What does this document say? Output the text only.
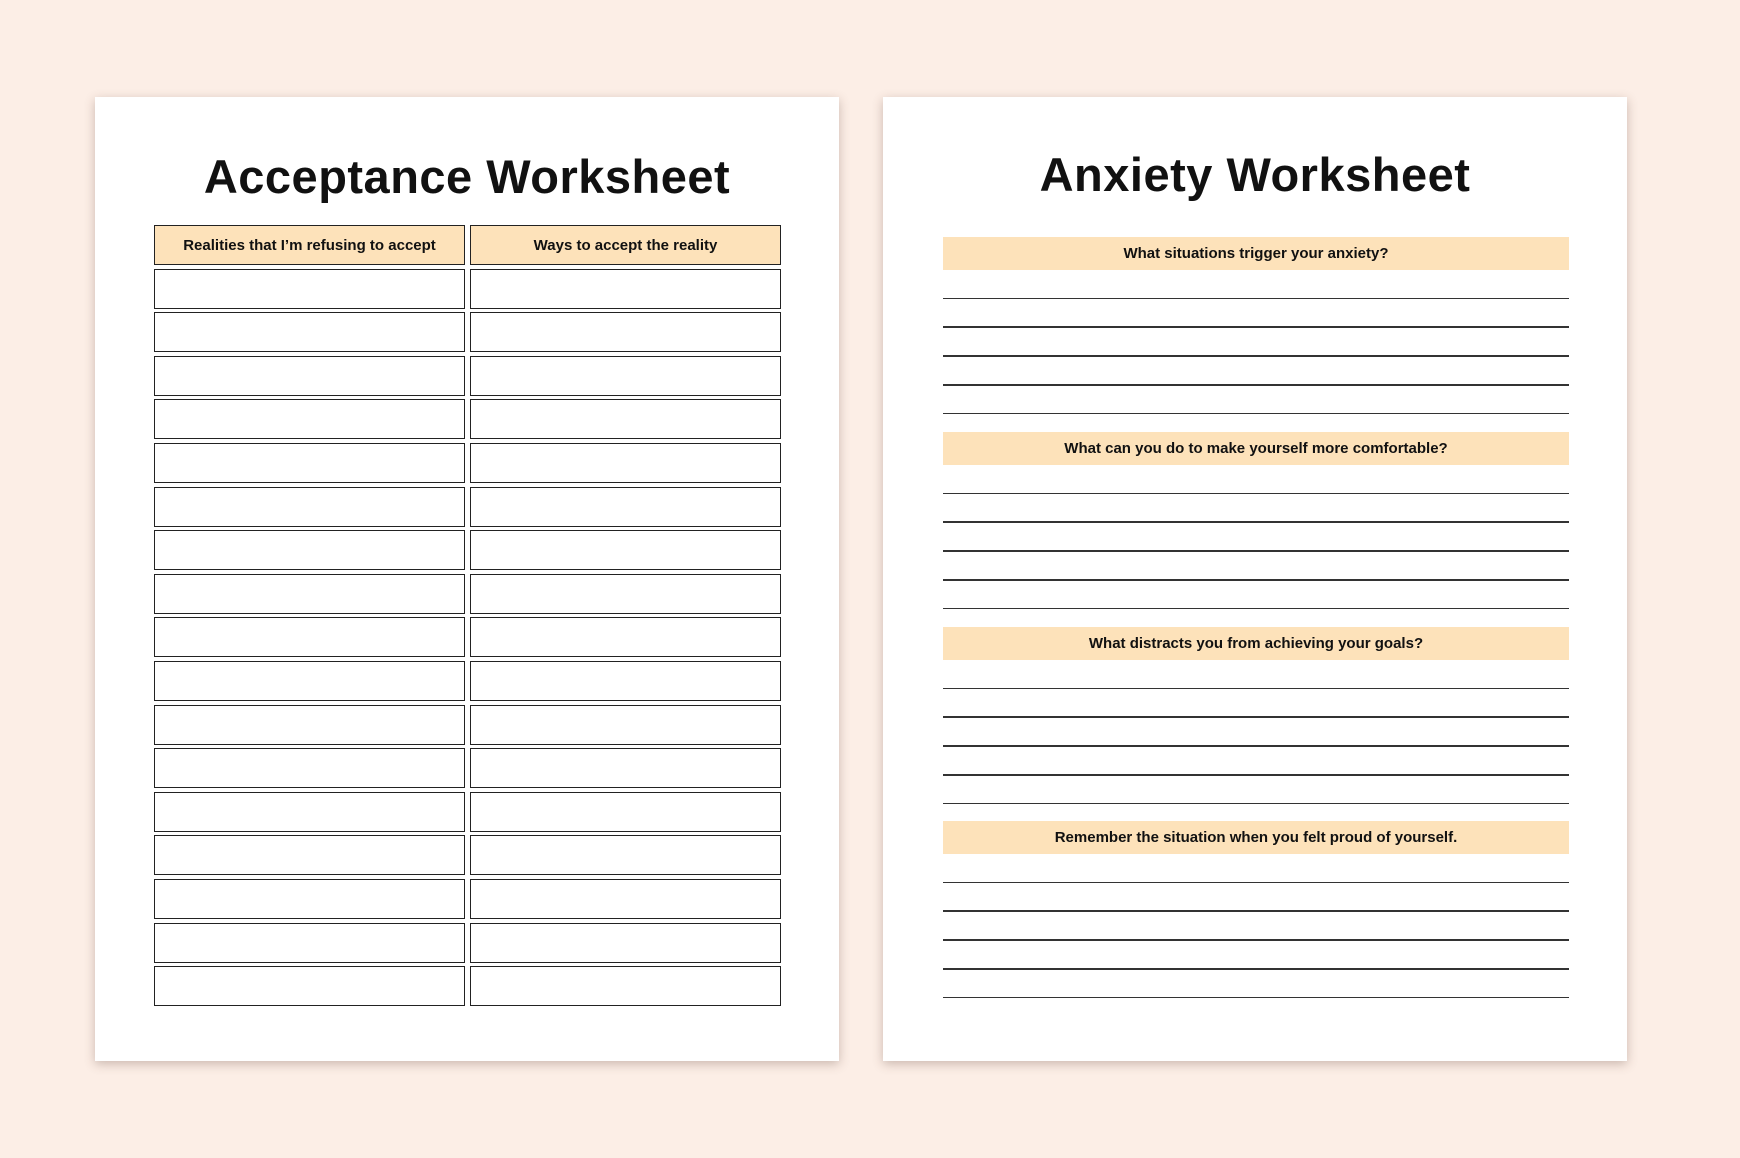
Acceptance Worksheet
Realities that I’m refusing to accept	Ways to accept the reality
Anxiety Worksheet
What situations trigger your anxiety?
What can you do to make yourself more comfortable?
What distracts you from achieving your goals?
Remember the situation when you felt proud of yourself.
